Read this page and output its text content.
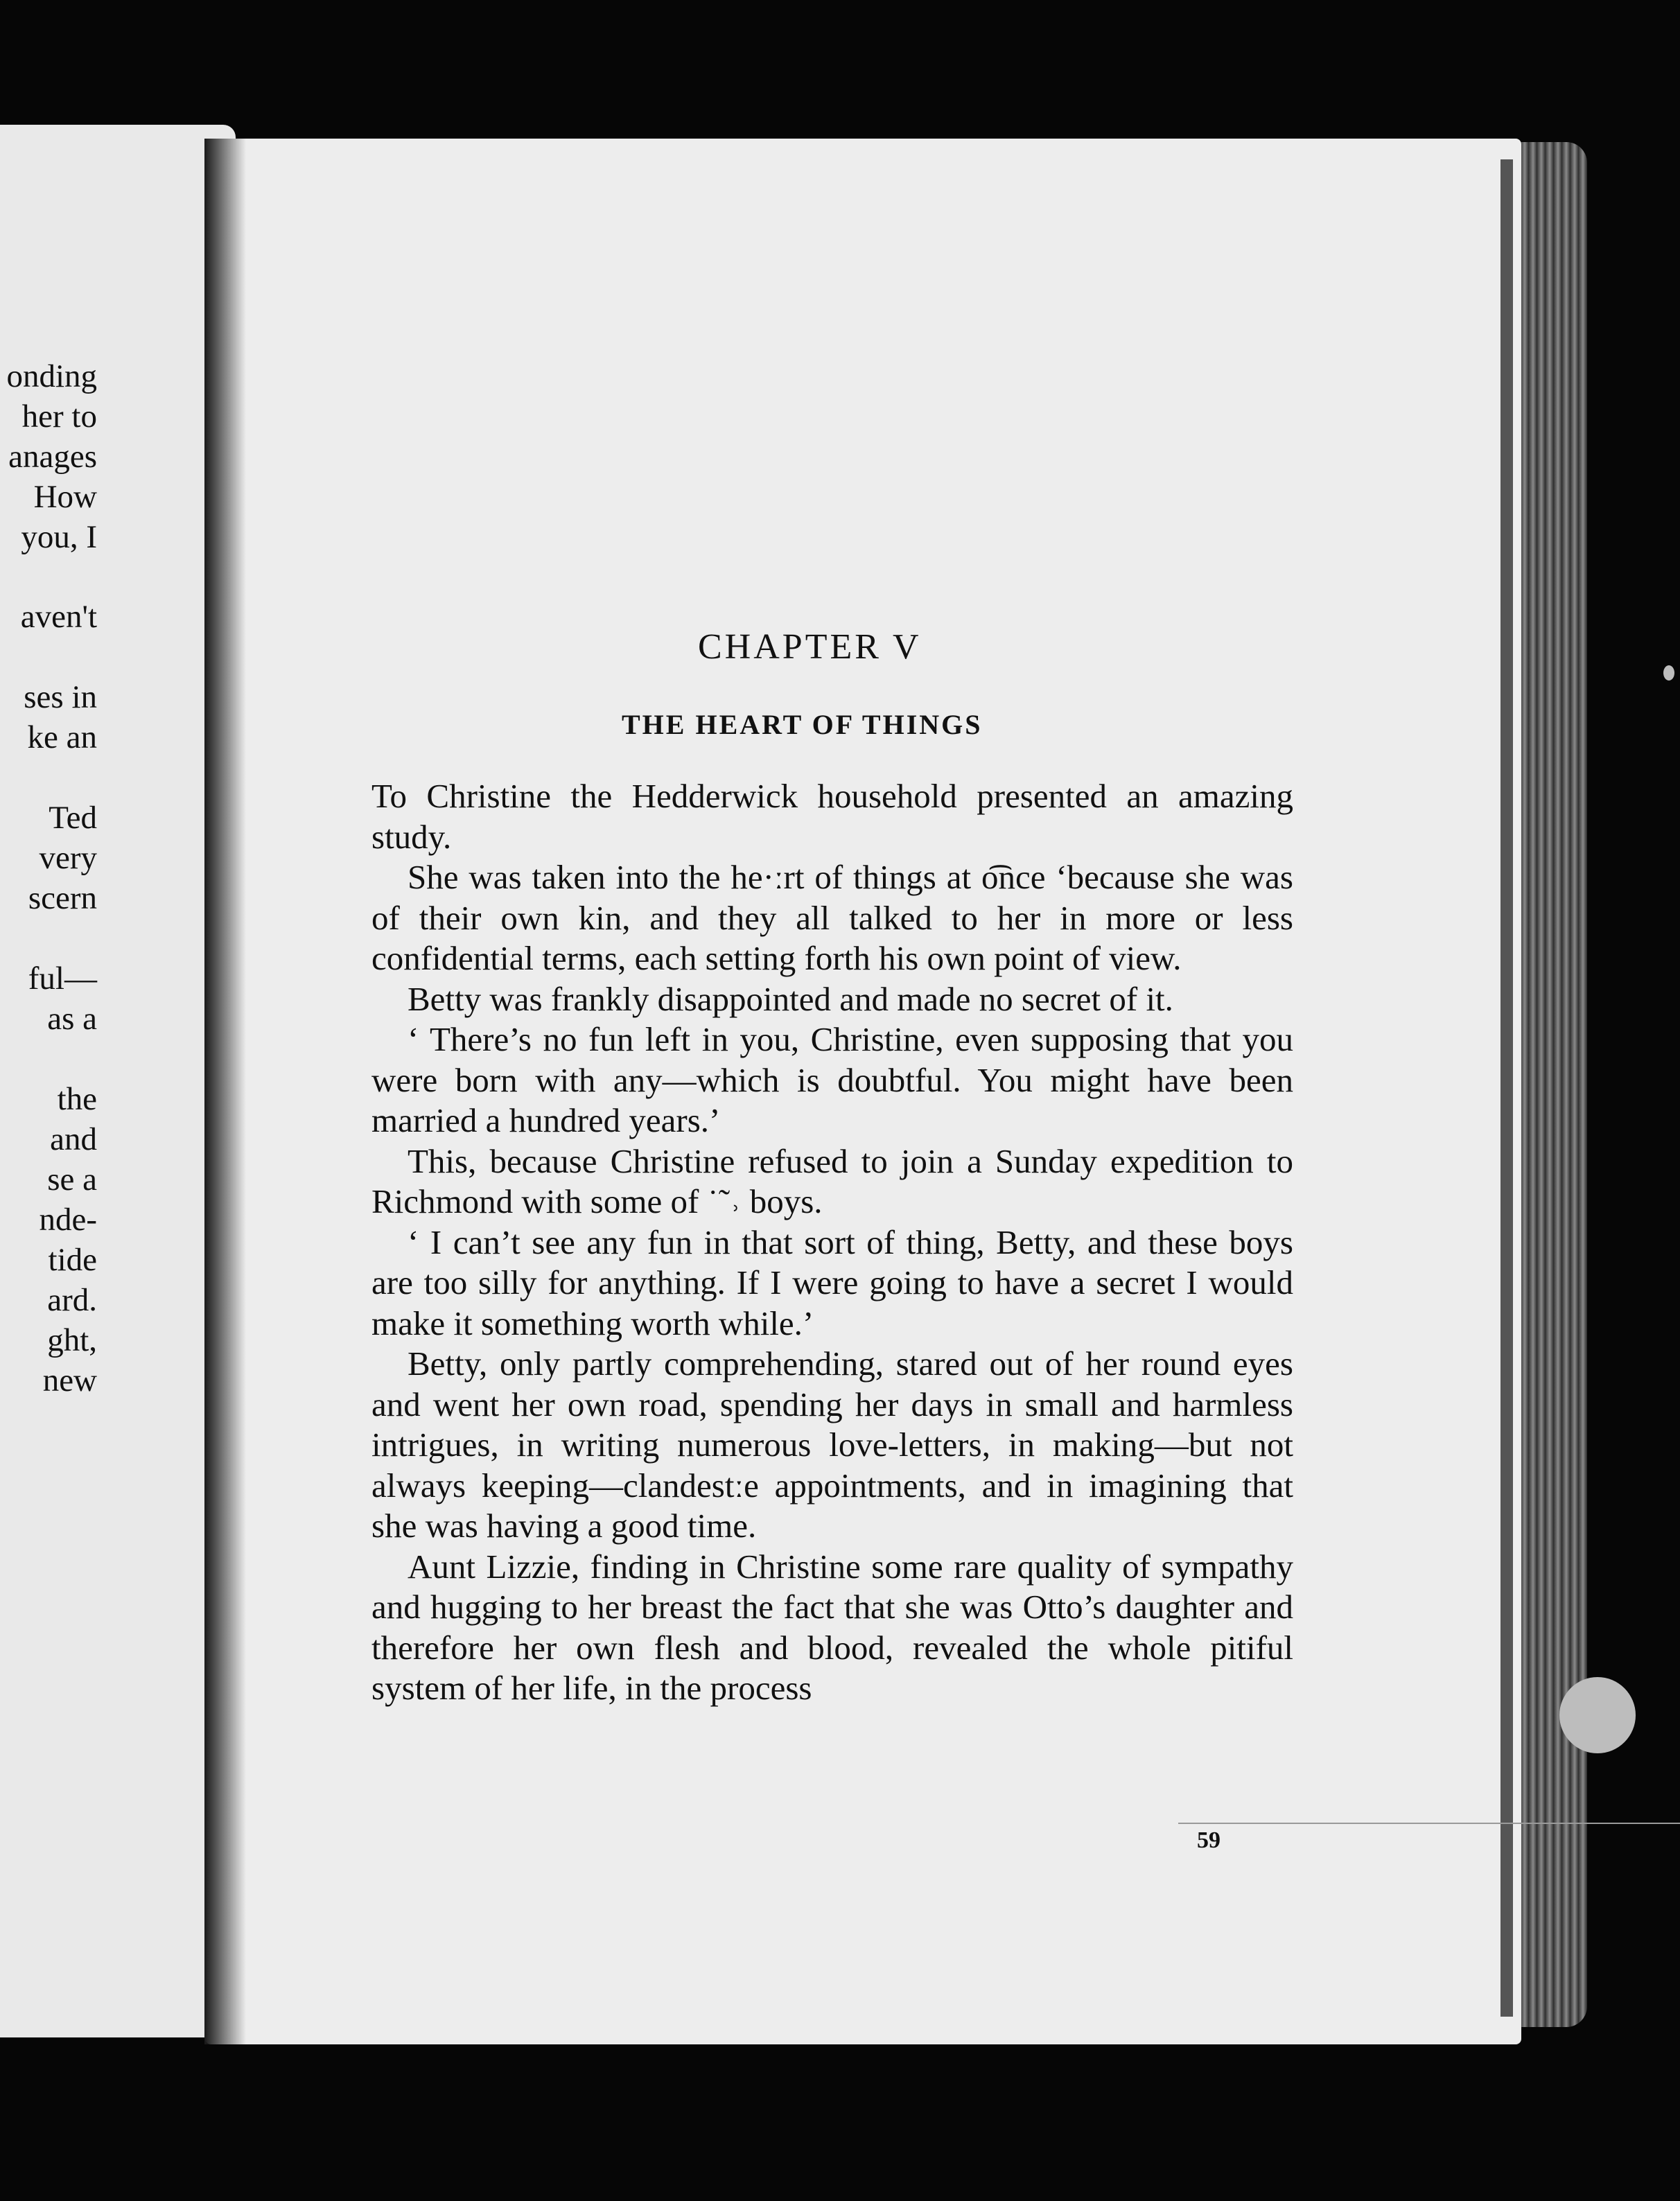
onding
her to
anages
How
you, I
aven't
ses in
ke an
Ted
very
scern
ful—
as a
the
and
se a
nde-
tide
ard.
ght,
new
CHAPTER V
THE HEART OF THINGS

To Christine the Hedderwick household presented an amazing study.

She was taken into the he·ːrt of things at o͡nce ʻbecause she was of their own kin, and they all talked to her in more or less confidential terms, each setting forth his own point of view.

Betty was frankly disappointed and made no secret of it.

‘ There’s no fun left in you, Christine, even supposing that you were born with any—which is doubtful. You might have been married a hundred years.’

This, because Christine refused to join a Sunday expedition to Richmond with some of ˙˜˒ boys.

‘ I can’t see any fun in that sort of thing, Betty, and these boys are too silly for anything. If I were going to have a secret I would make it something worth while.’

Betty, only partly comprehending, stared out of her round eyes and went her own road, spending her days in small and harmless intrigues, in writing numerous love-letters, in making—but not always keeping—clandestːe appointments, and in imagining that she was having a good time.

Aunt Lizzie, finding in Christine some rare quality of sympathy and hugging to her breast the fact that she was Otto’s daughter and therefore her own flesh and blood, revealed the whole pitiful system of her life, in the process

59
